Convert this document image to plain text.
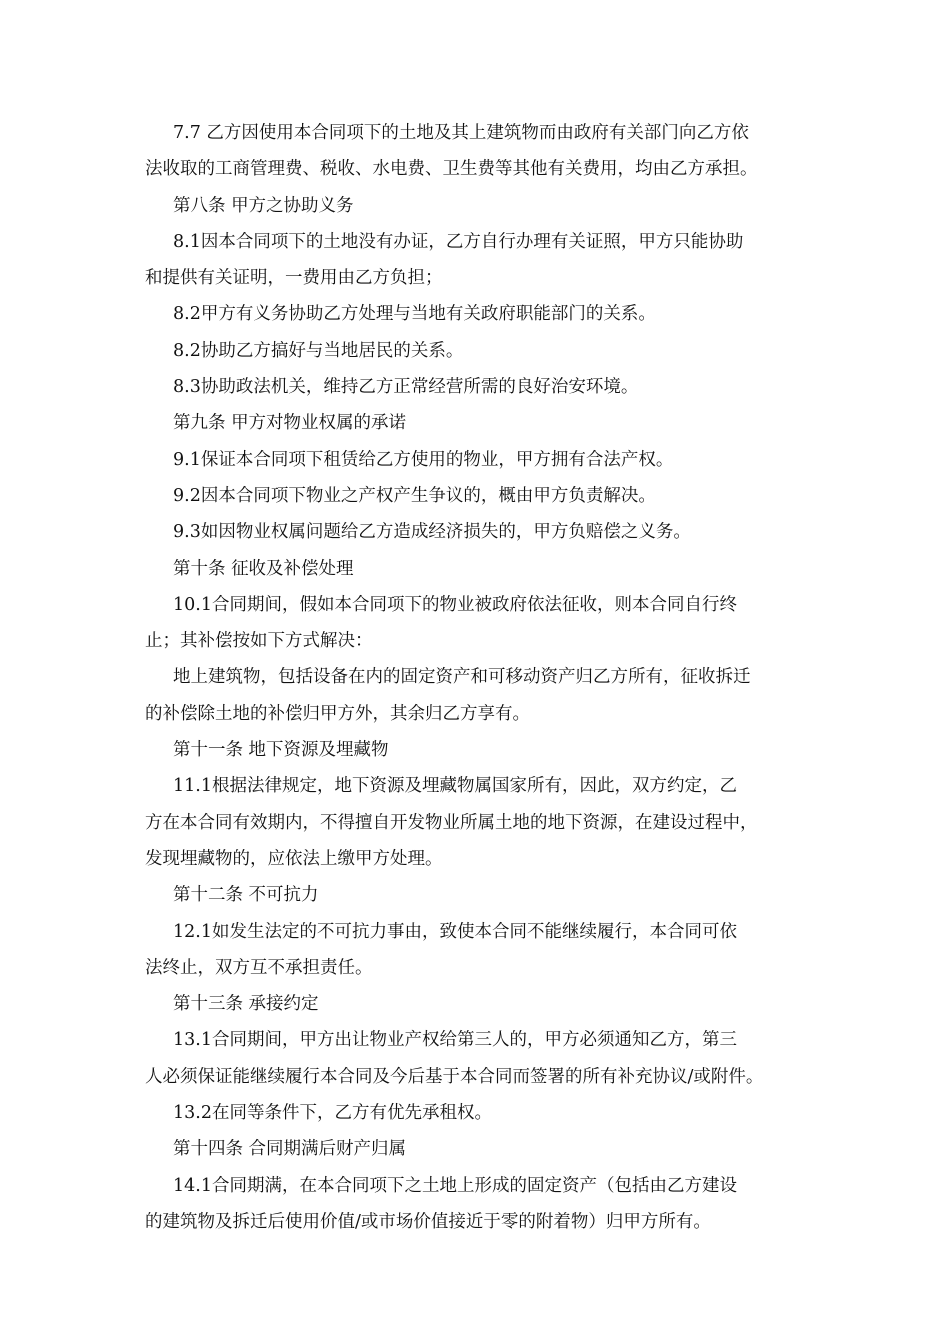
7.7 乙方因使用本合同项下的土地及其上建筑物而由政府有关部门向乙方依
法收取的工商管理费、税收、水电费、卫生费等其他有关费用，均由乙方承担。
第八条 甲方之协助义务
8.1因本合同项下的土地没有办证，乙方自行办理有关证照，甲方只能协助
和提供有关证明，一费用由乙方负担；
8.2甲方有义务协助乙方处理与当地有关政府职能部门的关系。
8.2协助乙方搞好与当地居民的关系。
8.3协助政法机关，维持乙方正常经营所需的良好治安环境。
第九条 甲方对物业权属的承诺
9.1保证本合同项下租赁给乙方使用的物业，甲方拥有合法产权。
9.2因本合同项下物业之产权产生争议的，概由甲方负责解决。
9.3如因物业权属问题给乙方造成经济损失的，甲方负赔偿之义务。
第十条 征收及补偿处理
10.1合同期间，假如本合同项下的物业被政府依法征收，则本合同自行终
止；其补偿按如下方式解决：
地上建筑物，包括设备在内的固定资产和可移动资产归乙方所有，征收拆迁
的补偿除土地的补偿归甲方外，其余归乙方享有。
第十一条 地下资源及埋藏物
11.1根据法律规定，地下资源及埋藏物属国家所有，因此，双方约定，乙
方在本合同有效期内，不得擅自开发物业所属土地的地下资源，在建设过程中，
发现埋藏物的，应依法上缴甲方处理。
第十二条 不可抗力
12.1如发生法定的不可抗力事由，致使本合同不能继续履行，本合同可依
法终止，双方互不承担责任。
第十三条 承接约定
13.1合同期间，甲方出让物业产权给第三人的，甲方必须通知乙方，第三
人必须保证能继续履行本合同及今后基于本合同而签署的所有补充协议/或附件。
13.2在同等条件下，乙方有优先承租权。
第十四条 合同期满后财产归属
14.1合同期满，在本合同项下之土地上形成的固定资产（包括由乙方建设
的建筑物及拆迁后使用价值/或市场价值接近于零的附着物）归甲方所有。
